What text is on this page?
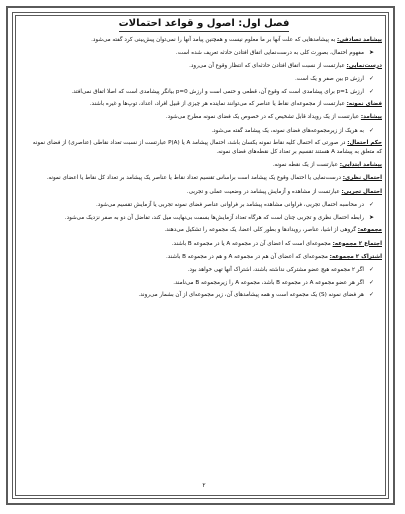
فصل اول: اصول و قواعد احتمالات
پیشامد تصادفی: به پیشامدهایی که علت آنها بر ما معلوم نیست و همچنین پیامد آنها را نمی‌توان پیش‌بینی کرد گفته می‌شود.
➤
مفهوم احتمال، بصورت کلی به درست‌نمایی اتفاق افتادن حادثه تعریف شده است.
درست‌نمایی: عبارتست از نسبت اتفاق افتادن حادثه‌ای که انتظار وقوع آن می‌رود.
✓
ارزش p بین صفر و یک است.
✓
ارزش p=1 برای پیشامدی است که وقوع آن، قطعی و حتمی است و ارزش p=0 بیانگر پیشامدی است که اصلا اتفاق نمی‌افتد.
فضای نمونه: عبارتست از مجموعه‌ای نقاط یا عناصر که می‌توانند نماینده هر چیزی از قبیل افراد، اعداد، توپ‌ها و غیره باشند.
پیشامد: عبارتست از یک رویداد قابل تشخیص که در خصوص یک فضای نمونه مطرح می‌شود.
✓
به هریک از زیرمجموعه‌های فضای نمونه، یک پیشامد گفته می‌شود.
حکم احتمال: در صورتی که احتمال کلیه نقاط نمونه یکسان باشد، احتمال پیشامد A یا P(A) عبارتست از نسبت تعداد نقاطی (عناصری) از فضای نمونه که متعلق به پیشامد A هستند تقسیم بر تعداد کل نقطه‌های فضای نمونه.
پیشامد ابتدایی: عبارتست از یک نقطه نمونه.
احتمال نظری: درست‌نمایی یا احتمال وقوع یک پیشامد است براساس تقسیم تعداد نقاط یا عناصر یک پیشامد بر تعداد کل نقاط یا اعضای نمونه.
احتمال تجربی: عبارتست از مشاهده و آزمایش پیشامد در وضعیت عملی و تجربی.
✓
در محاسبه احتمال تجربی، فراوانی مشاهده پیشامد بر فراوانی عناصر فضای نمونه تجربی یا آزمایش تقسیم می‌شود.
➤
رابطه احتمال نظری و تجربی چنان است که هرگاه تعداد آزمایش‌ها بسمت بی‌نهایت میل کند، تفاضل آن دو به صفر نزدیک می‌شود.
مجموعه: گروهی از اشیا، عناصر، رویدادها و بطور کلی اعضا، یک مجموعه را تشکیل می‌دهند.
اجتماع ۲ مجموعه: مجموعه‌ای است که اعضای آن در مجموعه A یا در مجموعه B باشند.
اشتراک ۲ مجموعه: مجموعه‌ای که اعضای آن هم در مجموعه A و هم در مجموعه B باشند.
✓
اگر ۲ مجموعه هیچ عضو مشترکی نداشته باشند، اشتراک آنها تهی خواهد بود.
✓
اگر هر عضو مجموعه A در مجموعه B باشد، مجموعه A را زیرمجموعه B می‌نامند.
✓
هر فضای نمونه (S) یک مجموعه است و همه پیشامدهای آن، زیر مجموعه‌ای از آن بشمار می‌روند.
۲
